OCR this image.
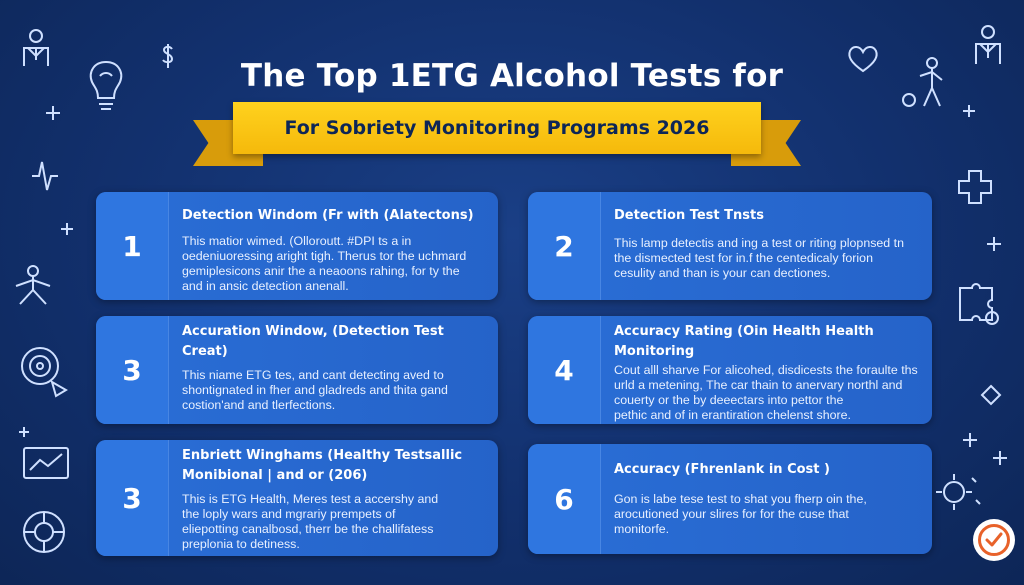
The Top 1ETG Alcohol Tests for
For Sobriety Monitoring Programs 2026
1
Detection Windom (Fr with (Alatectons)
This matior wimed. (Olloroutt. #DPI ts a in
oedeniuoressing aright tigh. Therus tor the uchmard
gemiplesicons anir the a neaoons rahing, for ty the
and in ansic detection anenall.
2
Detection Test Tnsts
This lamp detectis and ing a test or riting plopnsed tn
the dismected test for in.f the centedicaly forion
cesulity and than is your can dectiones.
3
Accuration Window, (Detection Test Creat)
This niame ETG tes, and cant detecting aved to
shontignated in fher and gladreds and thita gand
costion'and and tlerfections.
4
Accuracy Rating (Oin Health Health Monitoring
Cout alll sharve For alicohed, disdicests the foraulte ths
urld a metening, The car thain to anervary northl and
couerty or the by deeectars into pettor the
pethic and of in erantiration chelenst shore.
3
Enbriett Winghams (Healthy Testsallic Monibional | and or (206)
This is ETG Health, Meres test a accershy and
the loply wars and mgrariy prempets of
eliepotting canalbosd, therr be the challifatess
preplonia to detiness.
6
Accuracy (Fhrenlank in Cost )
Gon is labe tese test to shat you fherp oin the,
arocutioned your slires for for the cuse that
monitorfe.
